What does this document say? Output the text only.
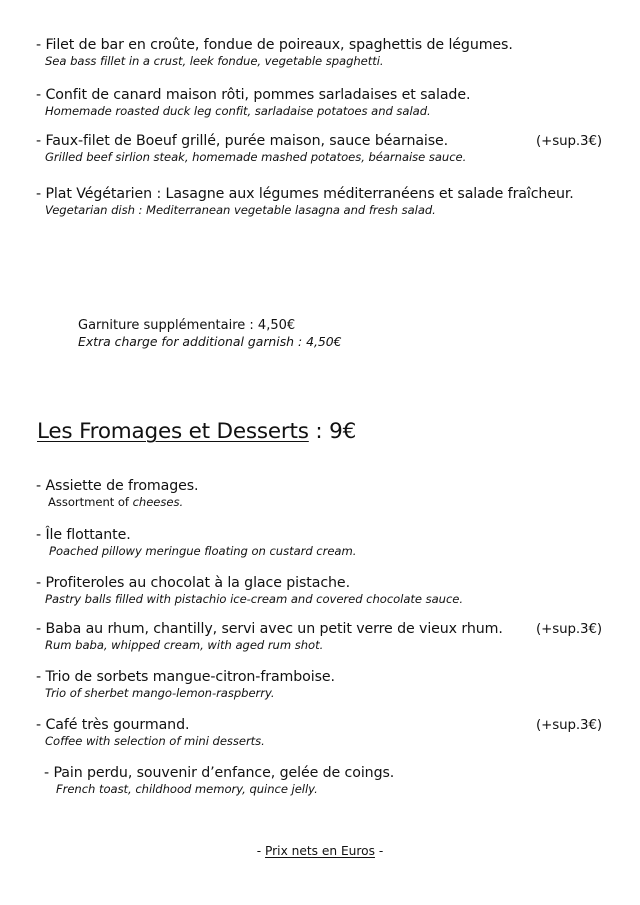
- Filet de bar en croûte, fondue de poireaux, spaghettis de légumes.
Sea bass fillet in a crust, leek fondue, vegetable spaghetti.
- Confit de canard maison rôti, pommes sarladaises et salade.
Homemade roasted duck leg confit, sarladaise potatoes and salad.
- Faux-filet de Boeuf grillé, purée maison, sauce béarnaise.	(+sup.3€)
Grilled beef sirlion steak, homemade mashed potatoes, béarnaise sauce.
- Plat Végétarien : Lasagne aux légumes méditerranéens et salade fraîcheur.
Vegetarian dish : Mediterranean vegetable lasagna and fresh salad.
Garniture supplémentaire : 4,50€
Extra charge for additional garnish : 4,50€
Les Fromages et Desserts : 9€
- Assiette de fromages.
Assortment of cheeses.
- Île flottante.
Poached pillowy meringue floating on custard cream.
- Profiteroles au chocolat à la glace pistache.
Pastry balls filled with pistachio ice-cream and covered chocolate sauce.
- Baba au rhum, chantilly, servi avec un petit verre de vieux rhum. (+sup.3€)
Rum baba, whipped cream, with aged rum shot.
- Trio de sorbets mangue-citron-framboise.
Trio of sherbet mango-lemon-raspberry.
- Café très gourmand.	(+sup.3€)
Coffee with selection of mini desserts.
- Pain perdu, souvenir d’enfance, gelée de coings.
French toast, childhood memory, quince jelly.
- Prix nets en Euros -
